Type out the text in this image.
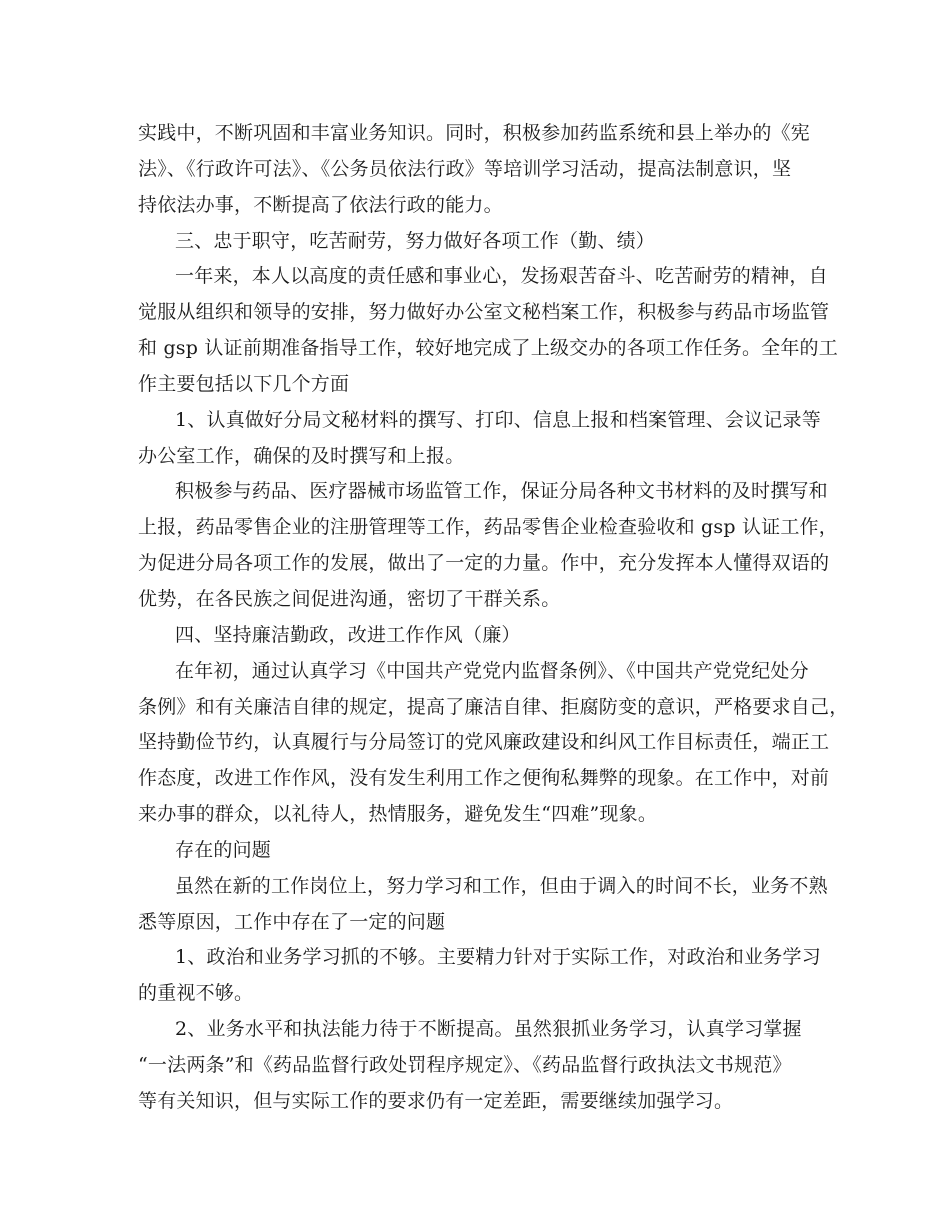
实践中，不断巩固和丰富业务知识。同时，积极参加药监系统和县上举办的《宪
法》、《行政许可法》、《公务员依法行政》等培训学习活动，提高法制意识，坚
持依法办事，不断提高了依法行政的能力。
三、忠于职守，吃苦耐劳，努力做好各项工作（勤、绩）
一年来，本人以高度的责任感和事业心，发扬艰苦奋斗、吃苦耐劳的精神，自
觉服从组织和领导的安排，努力做好办公室文秘档案工作，积极参与药品市场监管
和 gsp 认证前期准备指导工作，较好地完成了上级交办的各项工作任务。全年的工
作主要包括以下几个方面
1、认真做好分局文秘材料的撰写、打印、信息上报和档案管理、会议记录等
办公室工作，确保的及时撰写和上报。
积极参与药品、医疗器械市场监管工作，保证分局各种文书材料的及时撰写和
上报，药品零售企业的注册管理等工作，药品零售企业检查验收和 gsp 认证工作，
为促进分局各项工作的发展，做出了一定的力量。作中，充分发挥本人懂得双语的
优势，在各民族之间促进沟通，密切了干群关系。
四、坚持廉洁勤政，改进工作作风（廉）
在年初，通过认真学习《中国共产党党内监督条例》、《中国共产党党纪处分
条例》和有关廉洁自律的规定，提高了廉洁自律、拒腐防变的意识，严格要求自己，
坚持勤俭节约，认真履行与分局签订的党风廉政建设和纠风工作目标责任，端正工
作态度，改进工作作风，没有发生利用工作之便徇私舞弊的现象。在工作中，对前
来办事的群众，以礼待人，热情服务，避免发生“四难”现象。
存在的问题
虽然在新的工作岗位上，努力学习和工作，但由于调入的时间不长，业务不熟
悉等原因，工作中存在了一定的问题
1、政治和业务学习抓的不够。主要精力针对于实际工作，对政治和业务学习
的重视不够。
2、业务水平和执法能力待于不断提高。虽然狠抓业务学习，认真学习掌握
“一法两条”和《药品监督行政处罚程序规定》、《药品监督行政执法文书规范》
等有关知识，但与实际工作的要求仍有一定差距，需要继续加强学习。
